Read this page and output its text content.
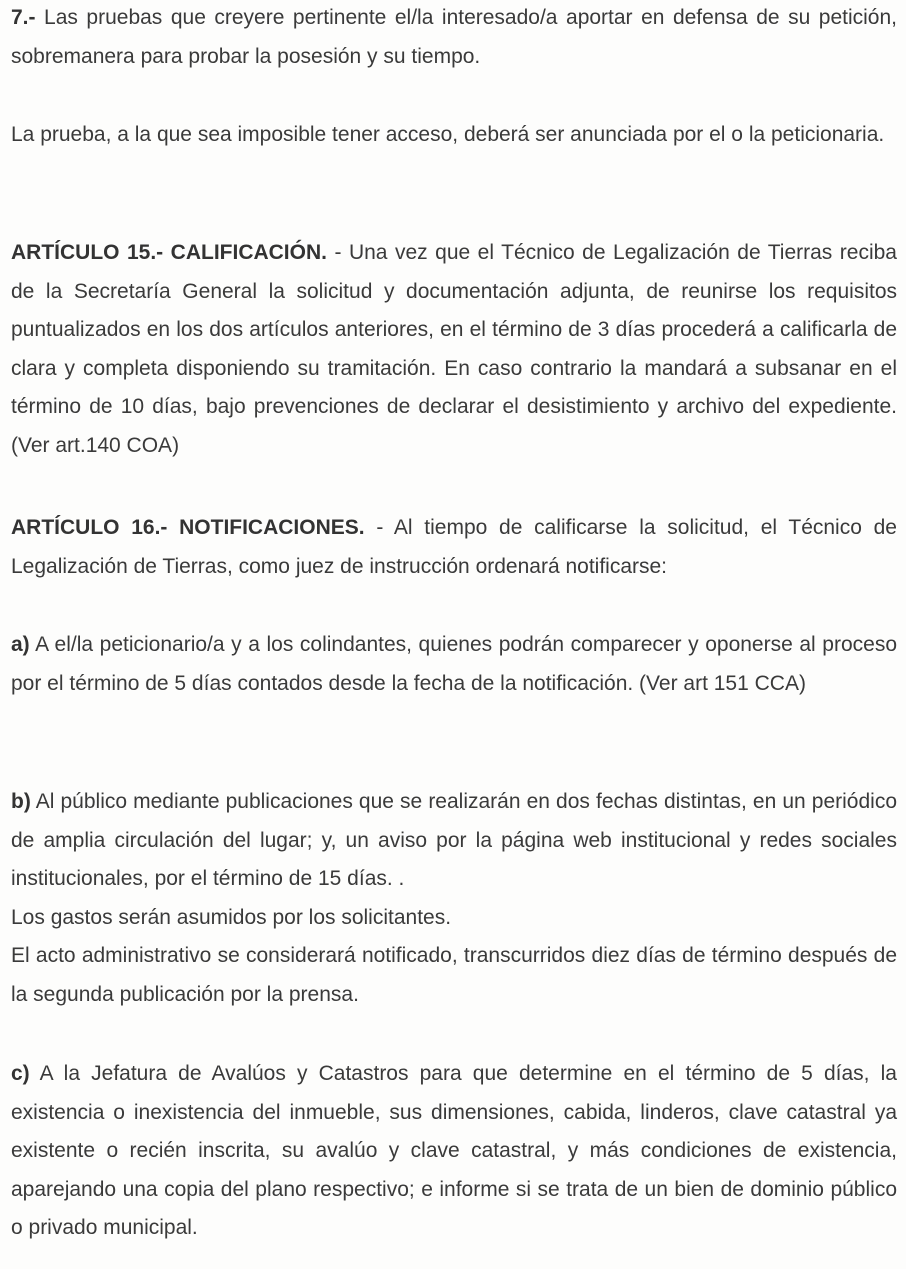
7.- Las pruebas que creyere pertinente el/la interesado/a aportar en defensa de su petición, sobremanera para probar la posesión y su tiempo.

La prueba, a la que sea imposible tener acceso, deberá ser anunciada por el o la peticionaria.

ARTÍCULO 15.- CALIFICACIÓN. - Una vez que el Técnico de Legalización de Tierras reciba de la Secretaría General la solicitud y documentación adjunta, de reunirse los requisitos puntualizados en los dos artículos anteriores, en el término de 3 días procederá a calificarla de clara y completa disponiendo su tramitación. En caso contrario la mandará a subsanar en el término de 10 días, bajo prevenciones de declarar el desistimiento y archivo del expediente. (Ver art.140 COA)

ARTÍCULO 16.- NOTIFICACIONES. - Al tiempo de calificarse la solicitud, el Técnico de Legalización de Tierras, como juez de instrucción ordenará notificarse:

a) A el/la peticionario/a y a los colindantes, quienes podrán comparecer y oponerse al proceso por el término de 5 días contados desde la fecha de la notificación. (Ver art 151 CCA)

b) Al público mediante publicaciones que se realizarán en dos fechas distintas, en un periódico de amplia circulación del lugar; y, un aviso por la página web institucional y redes sociales institucionales, por el término de 15 días. .

Los gastos serán asumidos por los solicitantes.

El acto administrativo se considerará notificado, transcurridos diez días de término después de la segunda publicación por la prensa.

c) A la Jefatura de Avalúos y Catastros para que determine en el término de 5 días, la existencia o inexistencia del inmueble, sus dimensiones, cabida, linderos, clave catastral ya existente o recién inscrita, su avalúo y clave catastral, y más condiciones de existencia, aparejando una copia del plano respectivo; e informe si se trata de un bien de dominio público o privado municipal.
